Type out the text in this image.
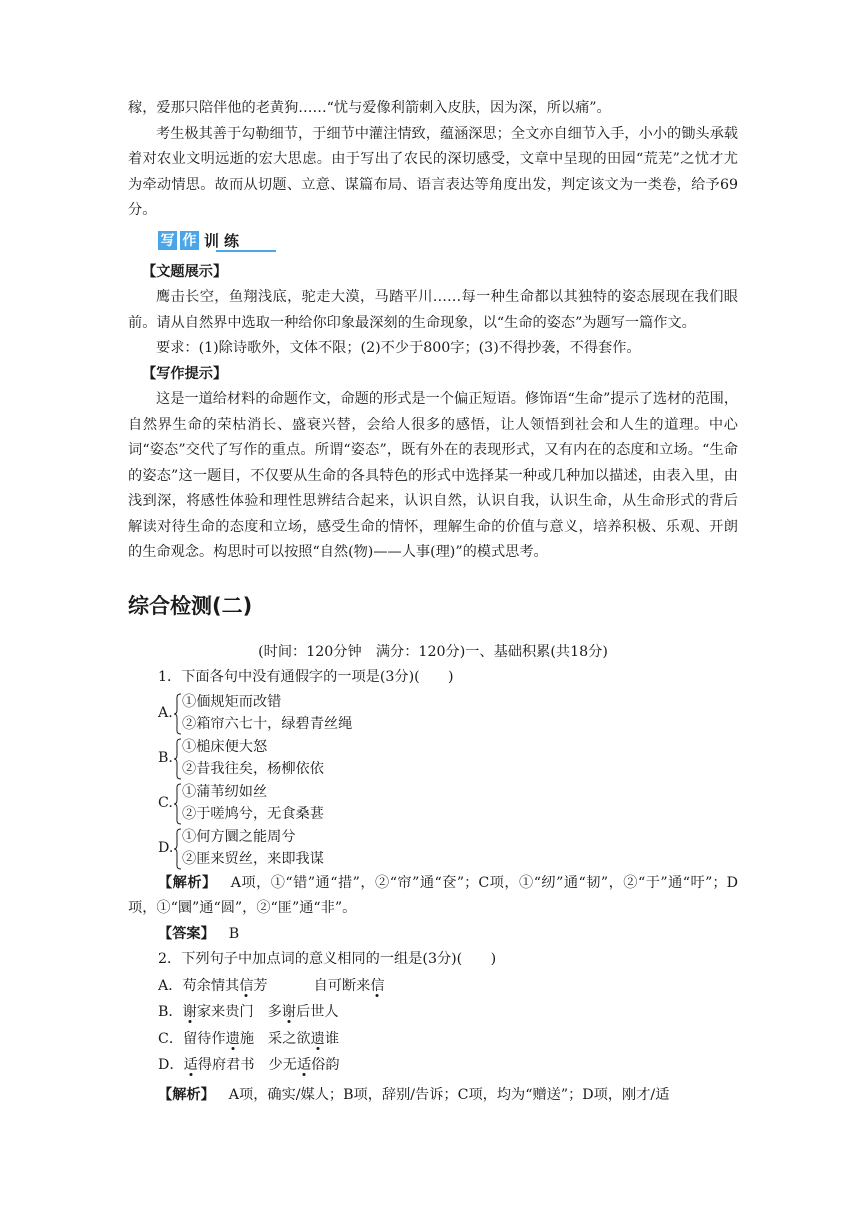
稼，爱那只陪伴他的老黄狗……“忧与爱像利箭刺入皮肤，因为深，所以痛”。

考生极其善于勾勒细节，于细节中灌注情致，蕴涵深思；全文亦自细节入手，小小的锄头承载着对农业文明远逝的宏大思虑。由于写出了农民的深切感受，文章中呈现的田园“荒芜”之忧才尤为牵动情思。故而从切题、立意、谋篇布局、语言表达等角度出发，判定该文为一类卷，给予69分。

写 作 训练

【文题展示】

鹰击长空，鱼翔浅底，驼走大漠，马踏平川……每一种生命都以其独特的姿态展现在我们眼前。请从自然界中选取一种给你印象最深刻的生命现象，以“生命的姿态”为题写一篇作文。

要求：(1)除诗歌外，文体不限；(2)不少于800字；(3)不得抄袭，不得套作。

【写作提示】

这是一道给材料的命题作文，命题的形式是一个偏正短语。修饰语“生命”提示了选材的范围，自然界生命的荣枯消长、盛衰兴替，会给人很多的感悟，让人领悟到社会和人生的道理。中心词“姿态”交代了写作的重点。所谓“姿态”，既有外在的表现形式，又有内在的态度和立场。“生命的姿态”这一题目，不仅要从生命的各具特色的形式中选择某一种或几种加以描述，由表入里，由浅到深，将感性体验和理性思辨结合起来，认识自然，认识自我，认识生命，从生命形式的背后解读对待生命的态度和立场，感受生命的情怀，理解生命的价值与意义，培养积极、乐观、开朗的生命观念。构思时可以按照“自然(物)——人事(理)”的模式思考。

综合检测(二)

(时间：120分钟　满分：120分)一、基础积累(共18分)

1．下面各句中没有通假字的一项是(3分)(　　)

A.

①偭规矩而改错

②箱帘六七十，绿碧青丝绳

B.

①槌床便大怒

②昔我往矣，杨柳依依

C.

①蒲苇纫如丝

②于嗟鸠兮，无食桑葚

D.

①何方圜之能周兮

②匪来贸丝，来即我谋

【解析】 A项，①“错”通“措”，②“帘”通“奁”；C项，①“纫”通“韧”，②“于”通“吁”；D项，①“圜”通“圆”，②“匪”通“非”。

【答案】 B

2．下列句子中加点词的意义相同的一组是(3分)(　　)

A．苟余情其信芳	自可断来信

B．谢家来贵门 多谢后世人

C．留待作遗施 采之欲遗谁

D．适得府君书 少无适俗韵

【解析】 A项，确实/媒人；B项，辞别/告诉；C项，均为“赠送”；D项，刚才/适
